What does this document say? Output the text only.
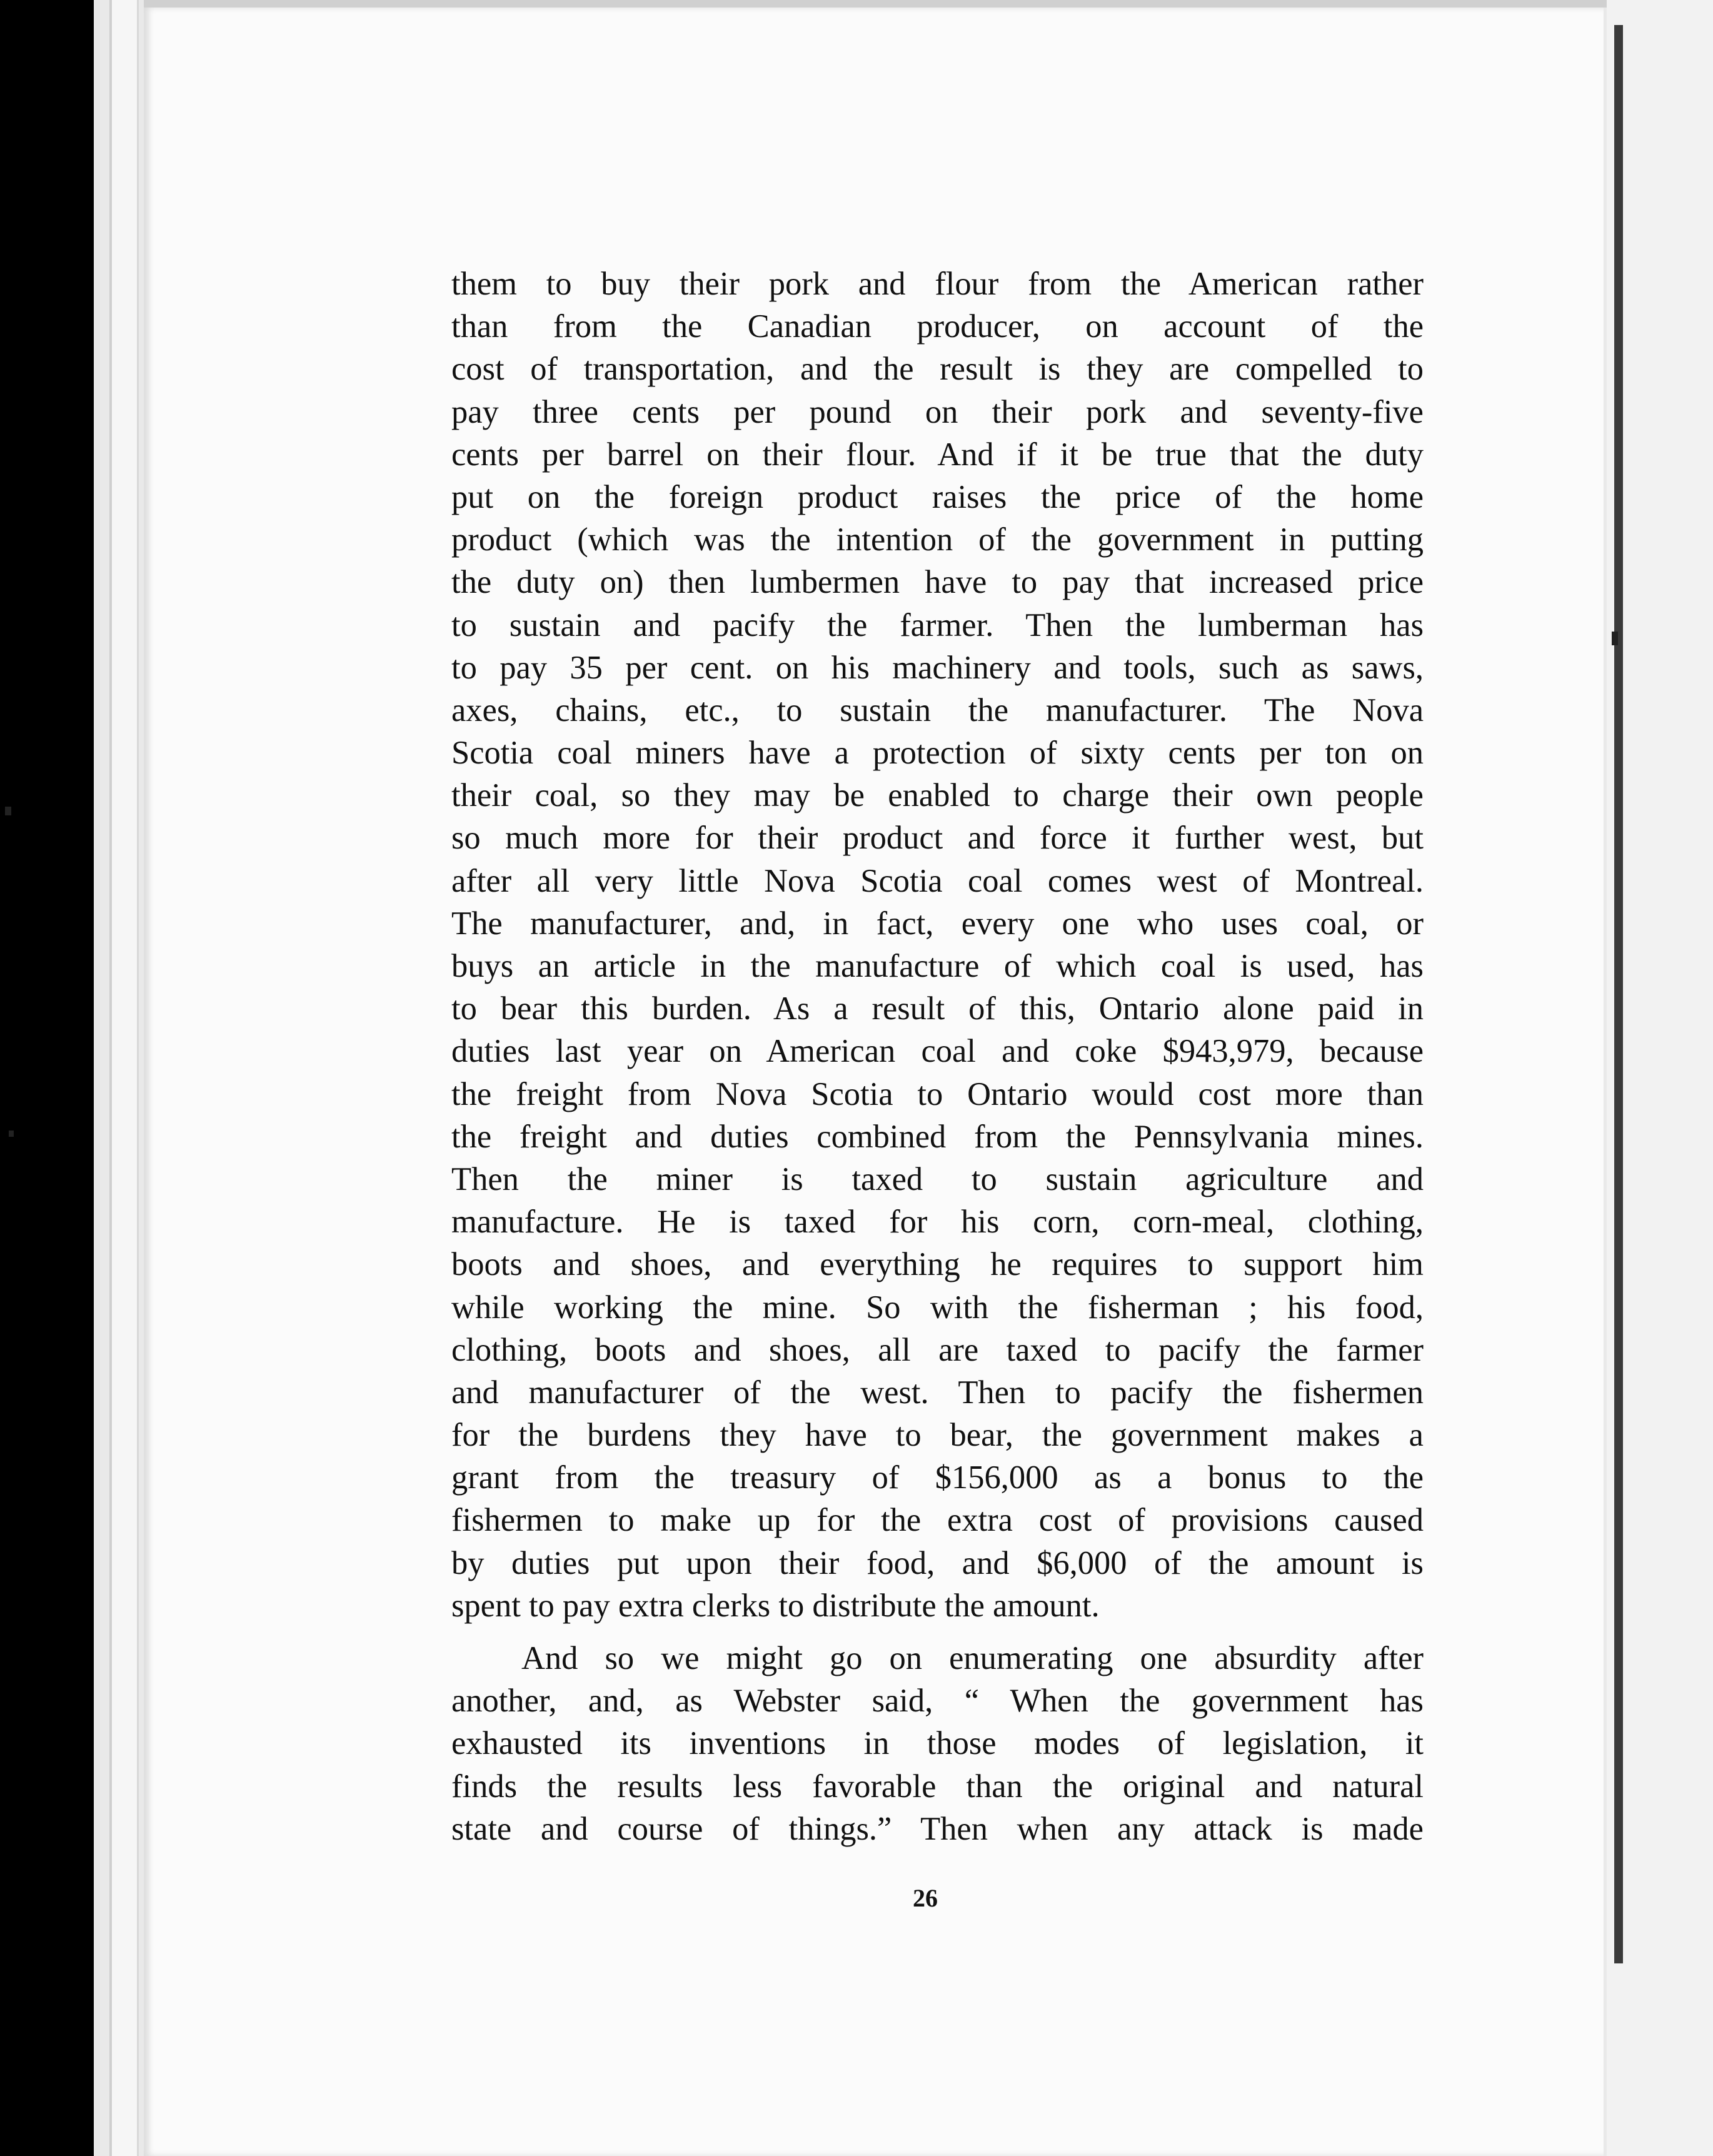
them to buy their pork and flour from the American rather
than from the Canadian producer, on account of the
cost of transportation, and the result is they are compelled to
pay three cents per pound on their pork and seventy-five
cents per barrel on their flour. And if it be true that the duty
put on the foreign product raises the price of the home
product (which was the intention of the government in putting
the duty on) then lumbermen have to pay that increased price
to sustain and pacify the farmer. Then the lumberman has
to pay 35 per cent. on his machinery and tools, such as saws,
axes, chains, etc., to sustain the manufacturer. The Nova
Scotia coal miners have a protection of sixty cents per ton on
their coal, so they may be enabled to charge their own people
so much more for their product and force it further west, but
after all very little Nova Scotia coal comes west of Montreal.
The manufacturer, and, in fact, every one who uses coal, or
buys an article in the manufacture of which coal is used, has
to bear this burden. As a result of this, Ontario alone paid in
duties last year on American coal and coke $943,979, because
the freight from Nova Scotia to Ontario would cost more than
the freight and duties combined from the Pennsylvania mines.
Then the miner is taxed to sustain agriculture and
manufacture. He is taxed for his corn, corn-meal, clothing,
boots and shoes, and everything he requires to support him
while working the mine. So with the fisherman ; his food,
clothing, boots and shoes, all are taxed to pacify the farmer
and manufacturer of the west. Then to pacify the fishermen
for the burdens they have to bear, the government makes a
grant from the treasury of $156,000 as a bonus to the
fishermen to make up for the extra cost of provisions caused
by duties put upon their food, and $6,000 of the amount is
spent to pay extra clerks to distribute the amount.
And so we might go on enumerating one absurdity after
another, and, as Webster said, “ When the government has
exhausted its inventions in those modes of legislation, it
finds the results less favorable than the original and natural
state and course of things.” Then when any attack is made
26
